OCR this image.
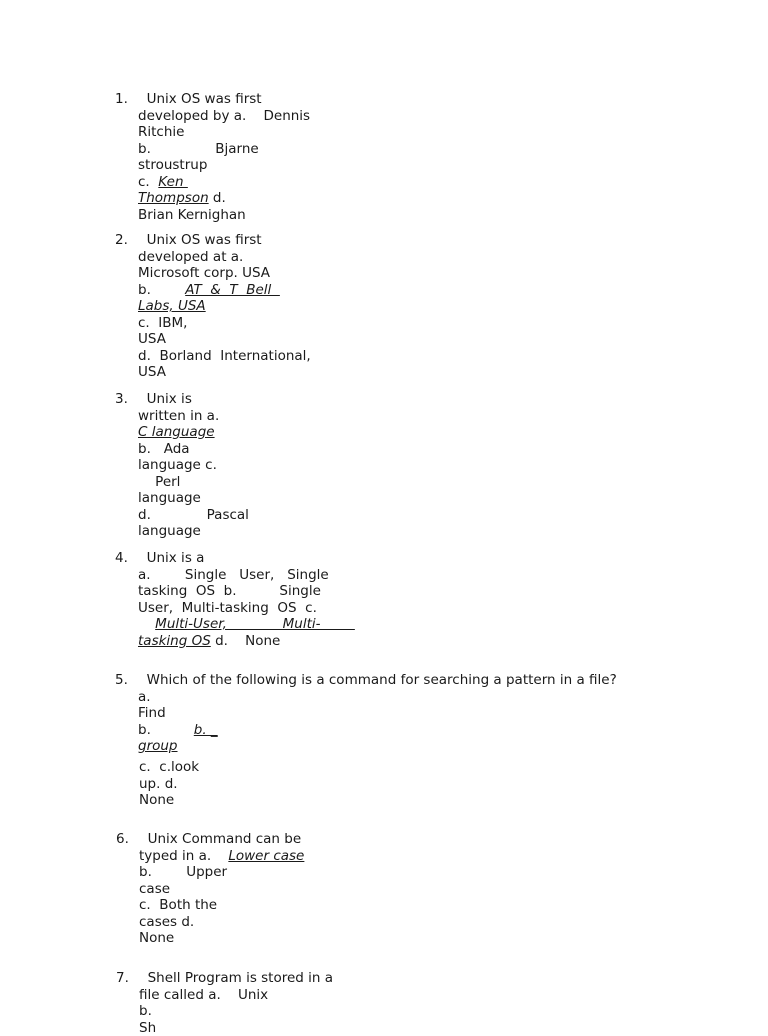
1.	Unix OS was first
developed by a.    Dennis
Ritchie
b.               Bjarne
stroustrup
c.  Ken
Thompson d.
Brian Kernighan
2.	Unix OS was first
developed at a.
Microsoft corp. USA
b.        AT  &  T  Bell
Labs, USA
c.  IBM,
USA
d.  Borland  International,
USA
3.	Unix is
written in a.
C language
b.   Ada
language c.
Perl
language
d.             Pascal
language
4.	Unix is a
a.        Single   User,   Single
tasking  OS  b.          Single
User,  Multi-tasking  OS  c.
Multi-User,             Multi-
tasking OS d.    None
5.	Which of the following is a command for searching a pattern in a file?
a.
Find
b.          b. _
group
c.  c.look
up. d.
None
6.	Unix Command can be
typed in a.    Lower case
b.        Upper
case
c.  Both the
cases d.
None
7.	Shell Program is stored in a
file called a.    Unix
b.
Sh
